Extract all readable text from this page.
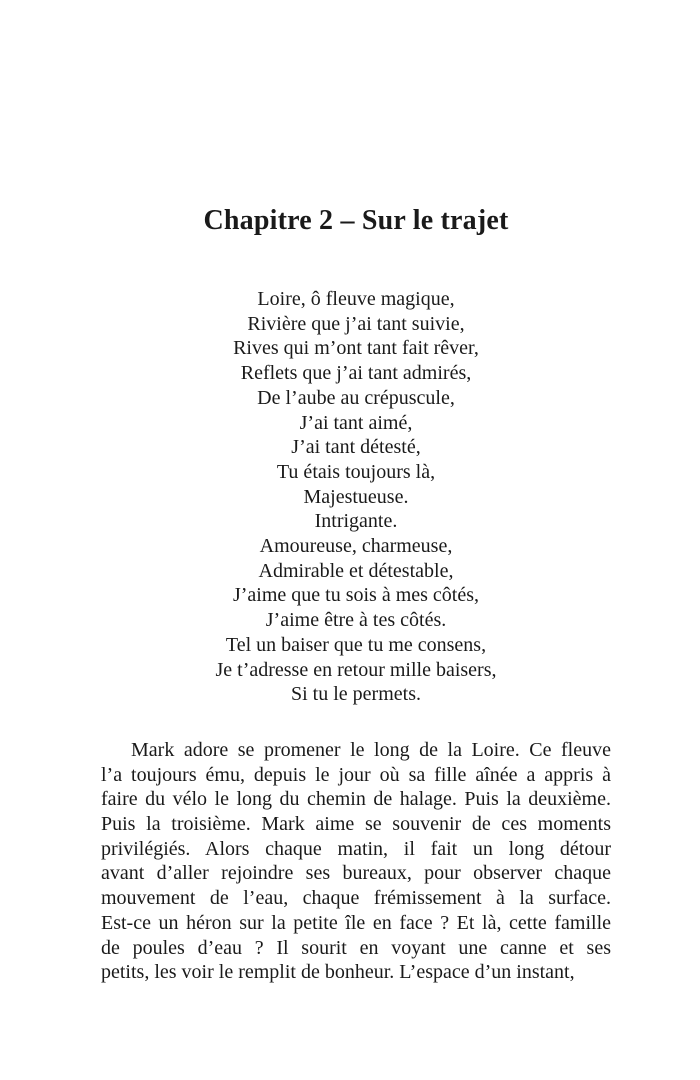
Chapitre 2 – Sur le trajet
Loire, ô fleuve magique,
Rivière que j’ai tant suivie,
Rives qui m’ont tant fait rêver,
Reflets que j’ai tant admirés,
De l’aube au crépuscule,
J’ai tant aimé,
J’ai tant détesté,
Tu étais toujours là,
Majestueuse.
Intrigante.
Amoureuse, charmeuse,
Admirable et détestable,
J’aime que tu sois à mes côtés,
J’aime être à tes côtés.
Tel un baiser que tu me consens,
Je t’adresse en retour mille baisers,
Si tu le permets.
Mark adore se promener le long de la Loire. Ce fleuve
l’a toujours ému, depuis le jour où sa fille aînée a appris à
faire du vélo le long du chemin de halage. Puis la deuxième.
Puis la troisième. Mark aime se souvenir de ces moments
privilégiés. Alors chaque matin, il fait un long détour
avant d’aller rejoindre ses bureaux, pour observer chaque
mouvement de l’eau, chaque frémissement à la surface.
Est-ce un héron sur la petite île en face ? Et là, cette famille
de poules d’eau ? Il sourit en voyant une canne et ses
petits, les voir le remplit de bonheur. L’espace d’un instant,
